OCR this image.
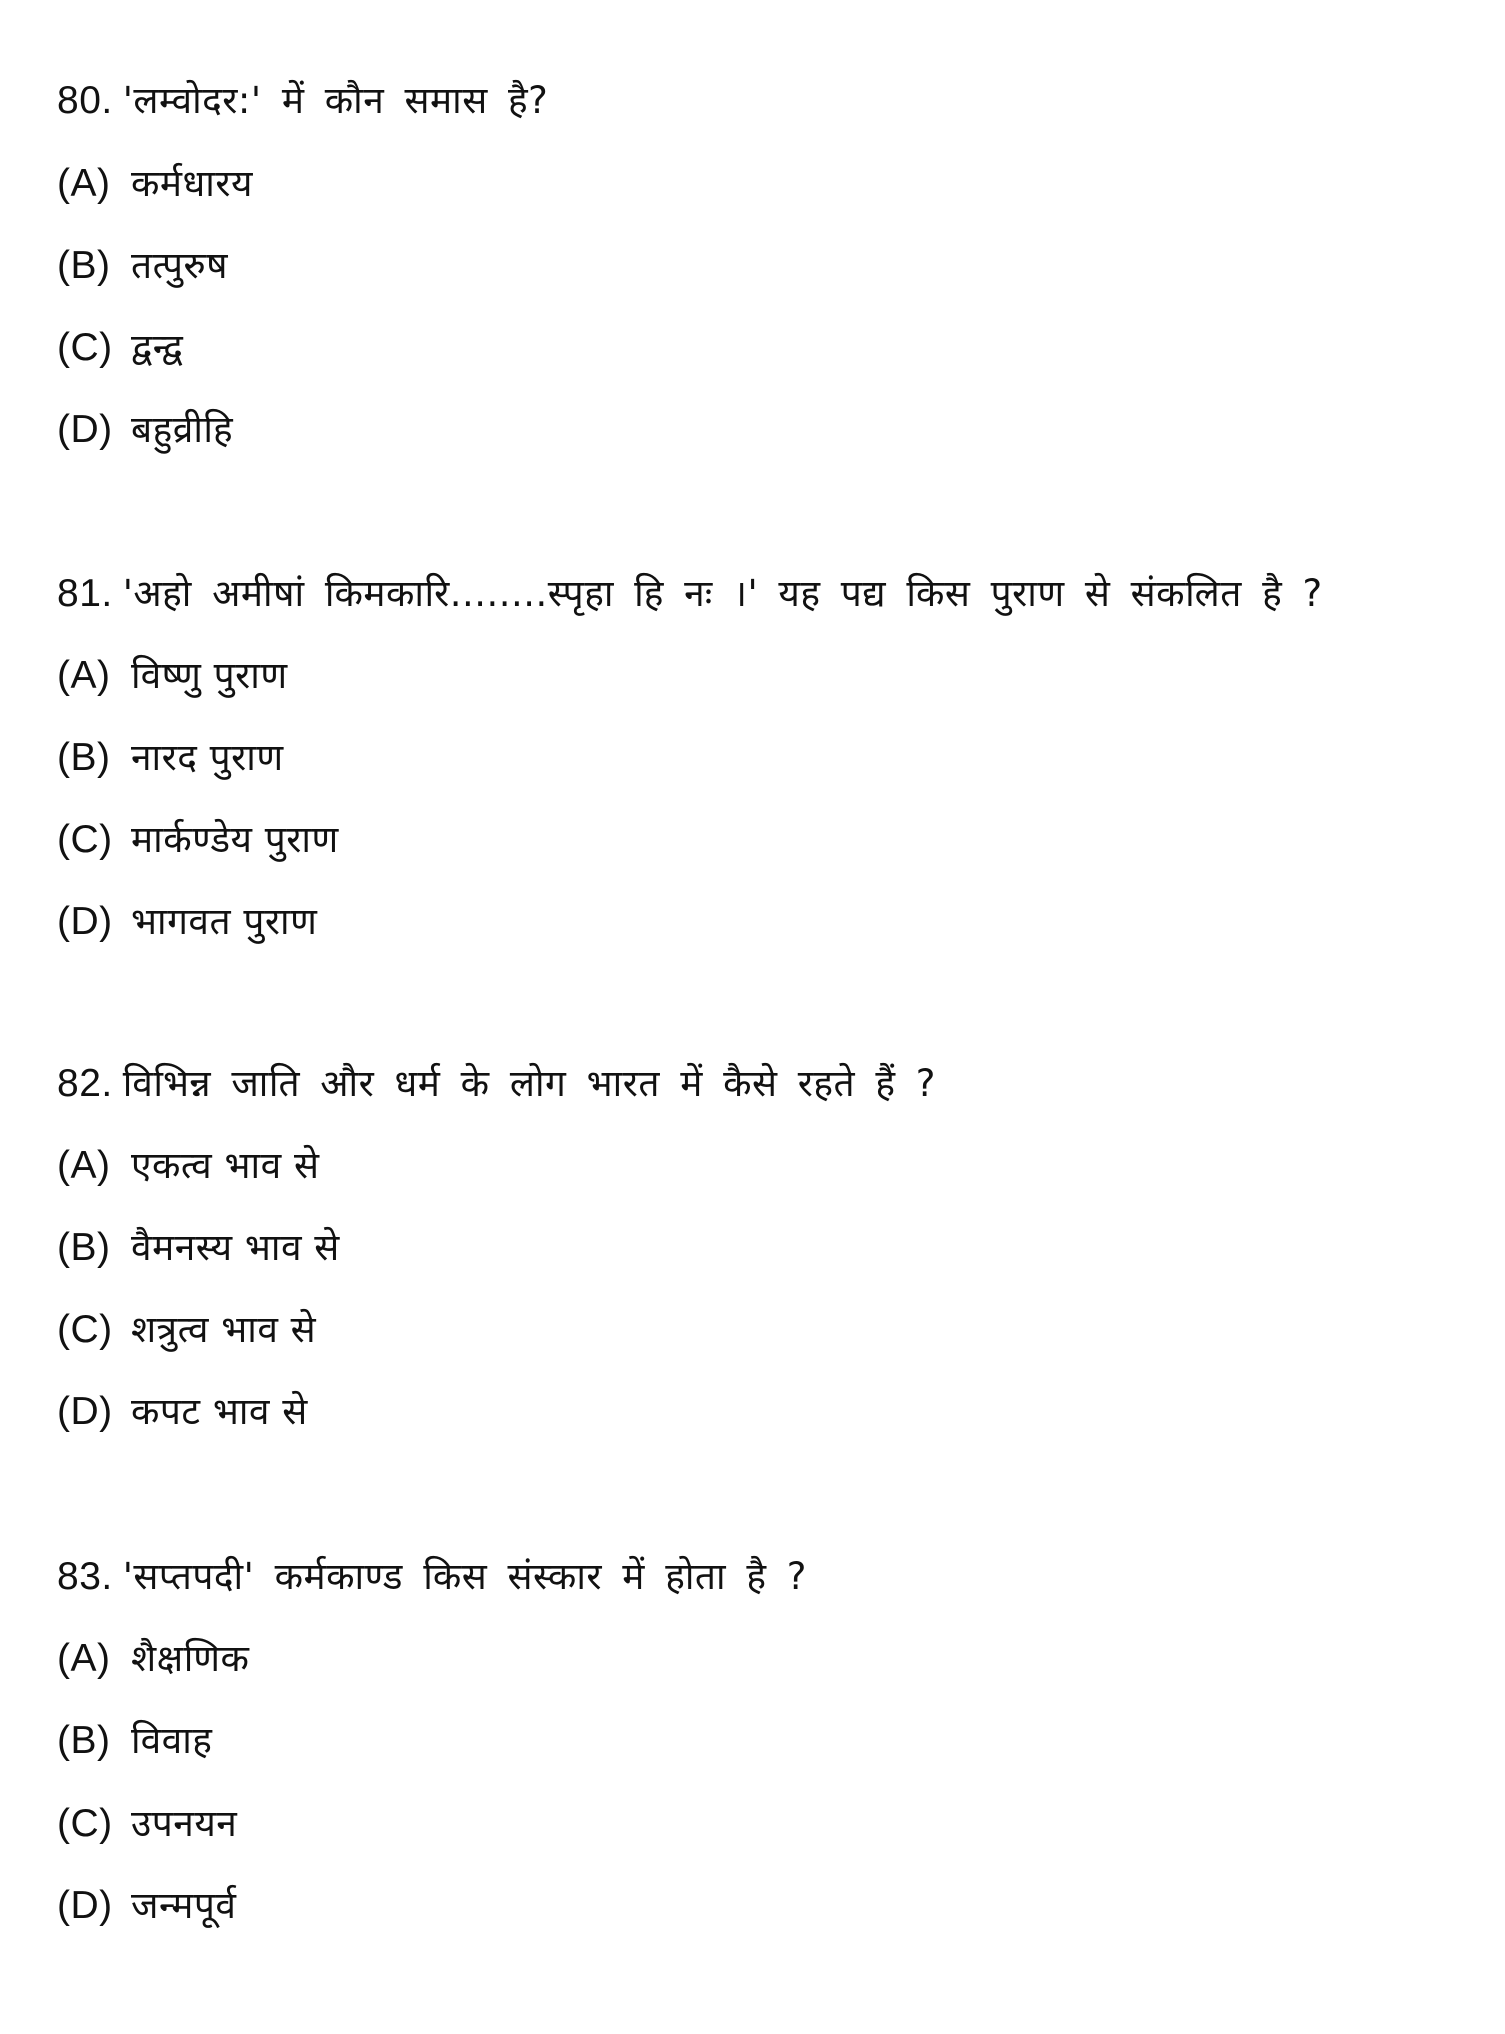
80. 'लम्वोदर:' में कौन समास है?
(A) कर्मधारय
(B) तत्पुरुष
(C) द्वन्द्व
(D) बहुव्रीहि
81. 'अहो अमीषां किमकारि........स्पृहा हि नः ।' यह पद्य किस पुराण से संकलित है ?
(A) विष्णु पुराण
(B) नारद पुराण
(C) मार्कण्डेय पुराण
(D) भागवत पुराण
82. विभिन्न जाति और धर्म के लोग भारत में कैसे रहते हैं ?
(A) एकत्व भाव से
(B) वैमनस्य भाव से
(C) शत्रुत्व भाव से
(D) कपट भाव से
83. 'सप्तपदी' कर्मकाण्ड किस संस्कार में होता है ?
(A) शैक्षणिक
(B) विवाह
(C) उपनयन
(D) जन्मपूर्व
